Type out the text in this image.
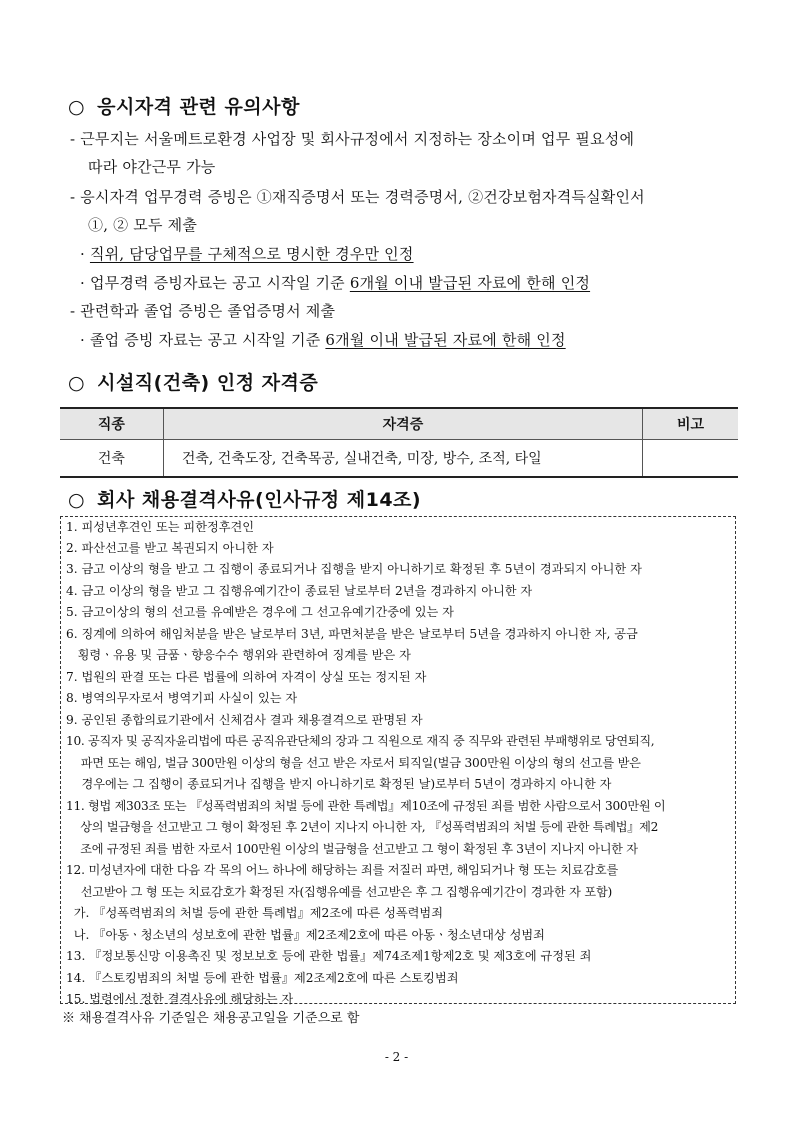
○ 응시자격 관련 유의사항
- 근무지는 서울메트로환경 사업장 및 회사규정에서 지정하는 장소이며 업무 필요성에
따라 야간근무 가능
- 응시자격 업무경력 증빙은 ①재직증명서 또는 경력증명서, ②건강보험자격득실확인서
①, ② 모두 제출
· 직위, 담당업무를 구체적으로 명시한 경우만 인정
· 업무경력 증빙자료는 공고 시작일 기준 6개월 이내 발급된 자료에 한해 인정
- 관련학과 졸업 증빙은 졸업증명서 제출
· 졸업 증빙 자료는 공고 시작일 기준 6개월 이내 발급된 자료에 한해 인정
○ 시설직(건축) 인정 자격증
직종	자격증	비고
건축	건축, 건축도장, 건축목공, 실내건축, 미장, 방수, 조적, 타일	
○ 회사 채용결격사유(인사규정 제14조)
1. 피성년후견인 또는 피한정후견인
2. 파산선고를 받고 복권되지 아니한 자
3. 금고 이상의 형을 받고 그 집행이 종료되거나 집행을 받지 아니하기로 확정된 후 5년이 경과되지 아니한 자
4. 금고 이상의 형을 받고 그 집행유예기간이 종료된 날로부터 2년을 경과하지 아니한 자
5. 금고이상의 형의 선고를 유예받은 경우에 그 선고유예기간중에 있는 자
6. 징계에 의하여 해임처분을 받은 날로부터 3년, 파면처분을 받은 날로부터 5년을 경과하지 아니한 자, 공금
횡령ㆍ유용 및 금품ㆍ향응수수 행위와 관련하여 징계를 받은 자
7. 법원의 판결 또는 다른 법률에 의하여 자격이 상실 또는 정지된 자
8. 병역의무자로서 병역기피 사실이 있는 자
9. 공인된 종합의료기관에서 신체검사 결과 채용결격으로 판명된 자
10. 공직자 및 공직자윤리법에 따른 공직유관단체의 장과 그 직원으로 재직 중 직무와 관련된 부패행위로 당연퇴직,
파면 또는 해임, 벌금 300만원 이상의 형을 선고 받은 자로서 퇴직일(벌금 300만원 이상의 형의 선고를 받은
경우에는 그 집행이 종료되거나 집행을 받지 아니하기로 확정된 날)로부터 5년이 경과하지 아니한 자
11. 형법 제303조 또는 『성폭력범죄의 처벌 등에 관한 특례법』제10조에 규정된 죄를 범한 사람으로서 300만원 이
상의 벌금형을 선고받고 그 형이 확정된 후 2년이 지나지 아니한 자, 『성폭력범죄의 처벌 등에 관한 특례법』제2
조에 규정된 죄를 범한 자로서 100만원 이상의 벌금형을 선고받고 그 형이 확정된 후 3년이 지나지 아니한 자
12. 미성년자에 대한 다음 각 목의 어느 하나에 해당하는 죄를 저질러 파면, 해임되거나 형 또는 치료감호를
선고받아 그 형 또는 치료감호가 확정된 자(집행유예를 선고받은 후 그 집행유예기간이 경과한 자 포함)
가. 『성폭력범죄의 처벌 등에 관한 특례법』제2조에 따른 성폭력범죄
나. 『아동ㆍ청소년의 성보호에 관한 법률』제2조제2호에 따른 아동ㆍ청소년대상 성범죄
13. 『정보통신망 이용촉진 및 정보보호 등에 관한 법률』제74조제1항제2호 및 제3호에 규정된 죄
14. 『스토킹범죄의 처벌 등에 관한 법률』제2조제2호에 따른 스토킹범죄
15. 법령에서 정한 결격사유에 해당하는 자
※ 채용결격사유 기준일은 채용공고일을 기준으로 함
- 2 -
